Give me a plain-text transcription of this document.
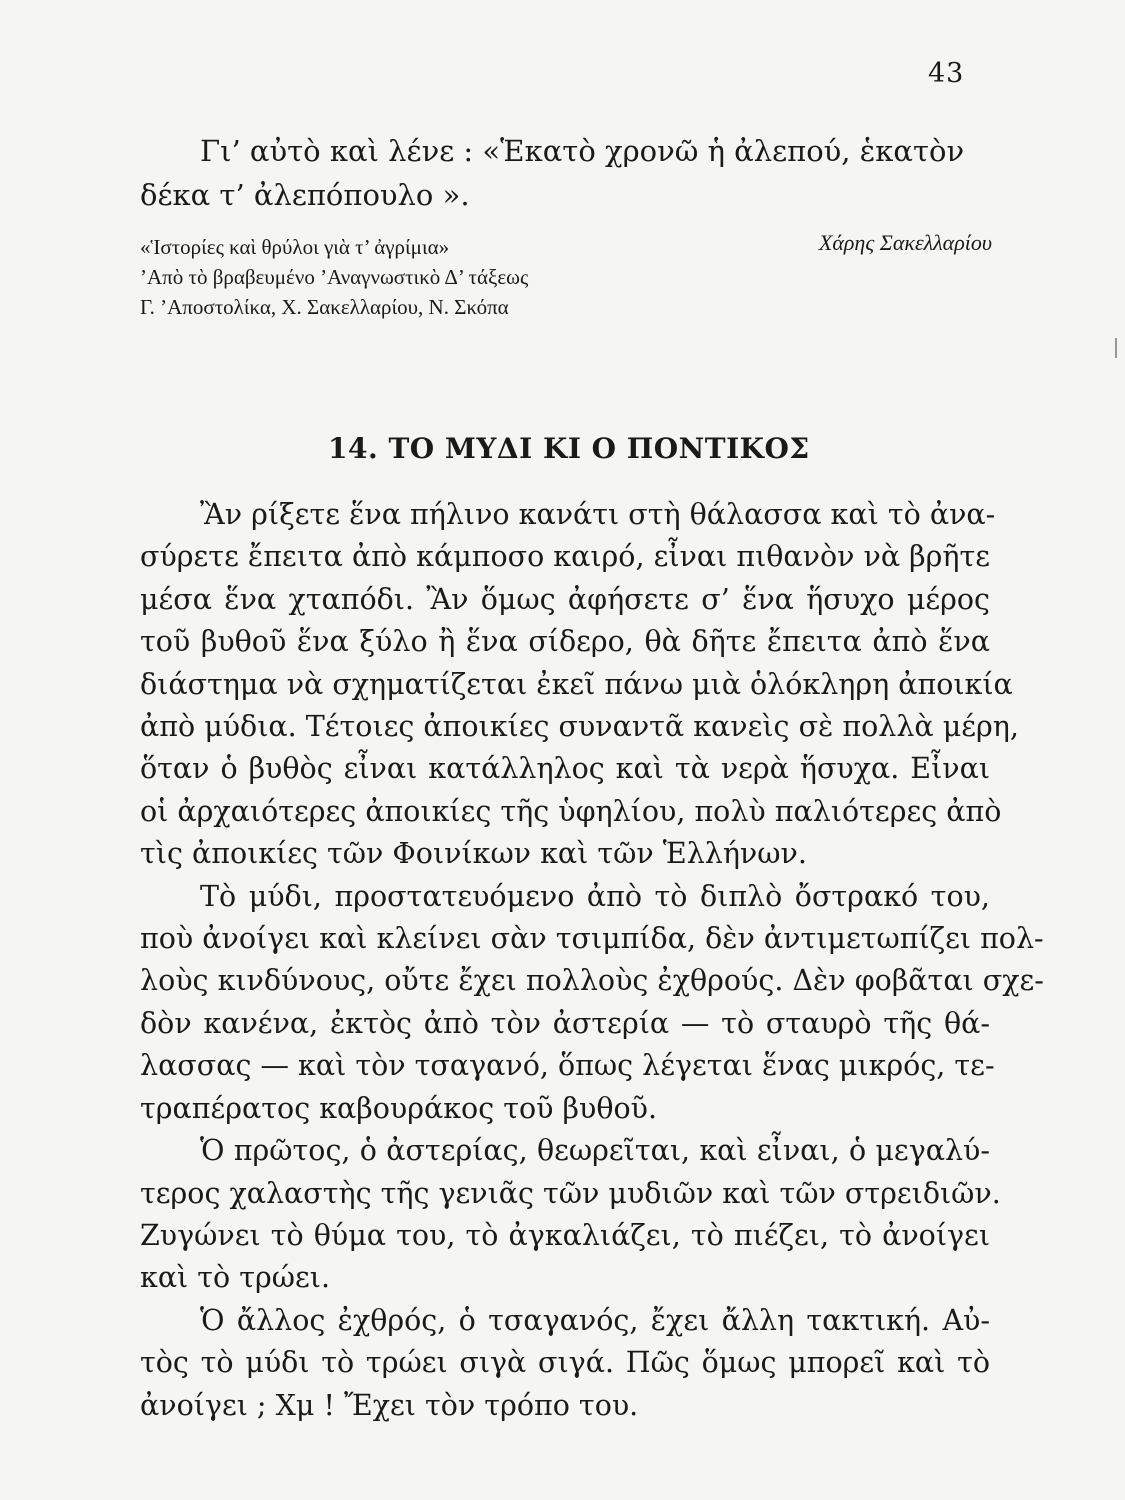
43
Γι’ αὐτὸ καὶ λένε : «Ἑκατὸ χρονῶ ἡ ἀλεπού, ἑκατὸν
δέκα τ’ ἀλεπόπουλο ».
«Ἱστορίες καὶ θρύλοι γιὰ τ’ ἀγρίμια»
’Απὸ τὸ βραβευμένο ’Αναγνωστικὸ Δ’ τάξεως
Γ. ’Αποστολίκα, Χ. Σακελλαρίου, Ν. Σκόπα
Χάρης Σακελλαρίου
14. ΤΟ ΜΥΔΙ ΚΙ Ο ΠΟΝΤΙΚΟΣ
Ἂν ρίξετε ἕνα πήλινο κανάτι στὴ θάλασσα καὶ τὸ ἀνα-
σύρετε ἔπειτα ἀπὸ κάμποσο καιρό, εἶναι πιθανὸν νὰ βρῆτε
μέσα ἕνα χταπόδι. Ἂν ὅμως ἀφήσετε σ’ ἕνα ἥσυχο μέρος
τοῦ βυθοῦ ἕνα ξύλο ἢ ἕνα σίδερο, θὰ δῆτε ἔπειτα ἀπὸ ἕνα
διάστημα νὰ σχηματίζεται ἐκεῖ πάνω μιὰ ὁλόκληρη ἀποικία
ἀπὸ μύδια. Τέτοιες ἀποικίες συναντᾶ κανεὶς σὲ πολλὰ μέρη,
ὅταν ὁ βυθὸς εἶναι κατάλληλος καὶ τὰ νερὰ ἥσυχα. Εἶναι
οἱ ἀρχαιότερες ἀποικίες τῆς ὑφηλίου, πολὺ παλιότερες ἀπὸ
τὶς ἀποικίες τῶν Φοινίκων καὶ τῶν Ἑλλήνων.
Τὸ μύδι, προστατευόμενο ἀπὸ τὸ διπλὸ ὄστρακό του,
ποὺ ἀνοίγει καὶ κλείνει σὰν τσιμπίδα, δὲν ἀντιμετωπίζει πολ-
λοὺς κινδύνους, οὔτε ἔχει πολλοὺς ἐχθρούς. Δὲν φοβᾶται σχε-
δὸν κανένα, ἐκτὸς ἀπὸ τὸν ἀστερία — τὸ σταυρὸ τῆς θά-
λασσας — καὶ τὸν τσαγανό, ὅπως λέγεται ἕνας μικρός, τε-
τραπέρατος καβουράκος τοῦ βυθοῦ.
Ὁ πρῶτος, ὁ ἀστερίας, θεωρεῖται, καὶ εἶναι, ὁ μεγαλύ-
τερος χαλαστὴς τῆς γενιᾶς τῶν μυδιῶν καὶ τῶν στρειδιῶν.
Ζυγώνει τὸ θύμα του, τὸ ἀγκαλιάζει, τὸ πιέζει, τὸ ἀνοίγει
καὶ τὸ τρώει.
Ὁ ἄλλος ἐχθρός, ὁ τσαγανός, ἔχει ἄλλη τακτική. Αὐ-
τὸς τὸ μύδι τὸ τρώει σιγὰ σιγά. Πῶς ὅμως μπορεῖ καὶ τὸ
ἀνοίγει ; Χμ ! Ἔχει τὸν τρόπο του.
